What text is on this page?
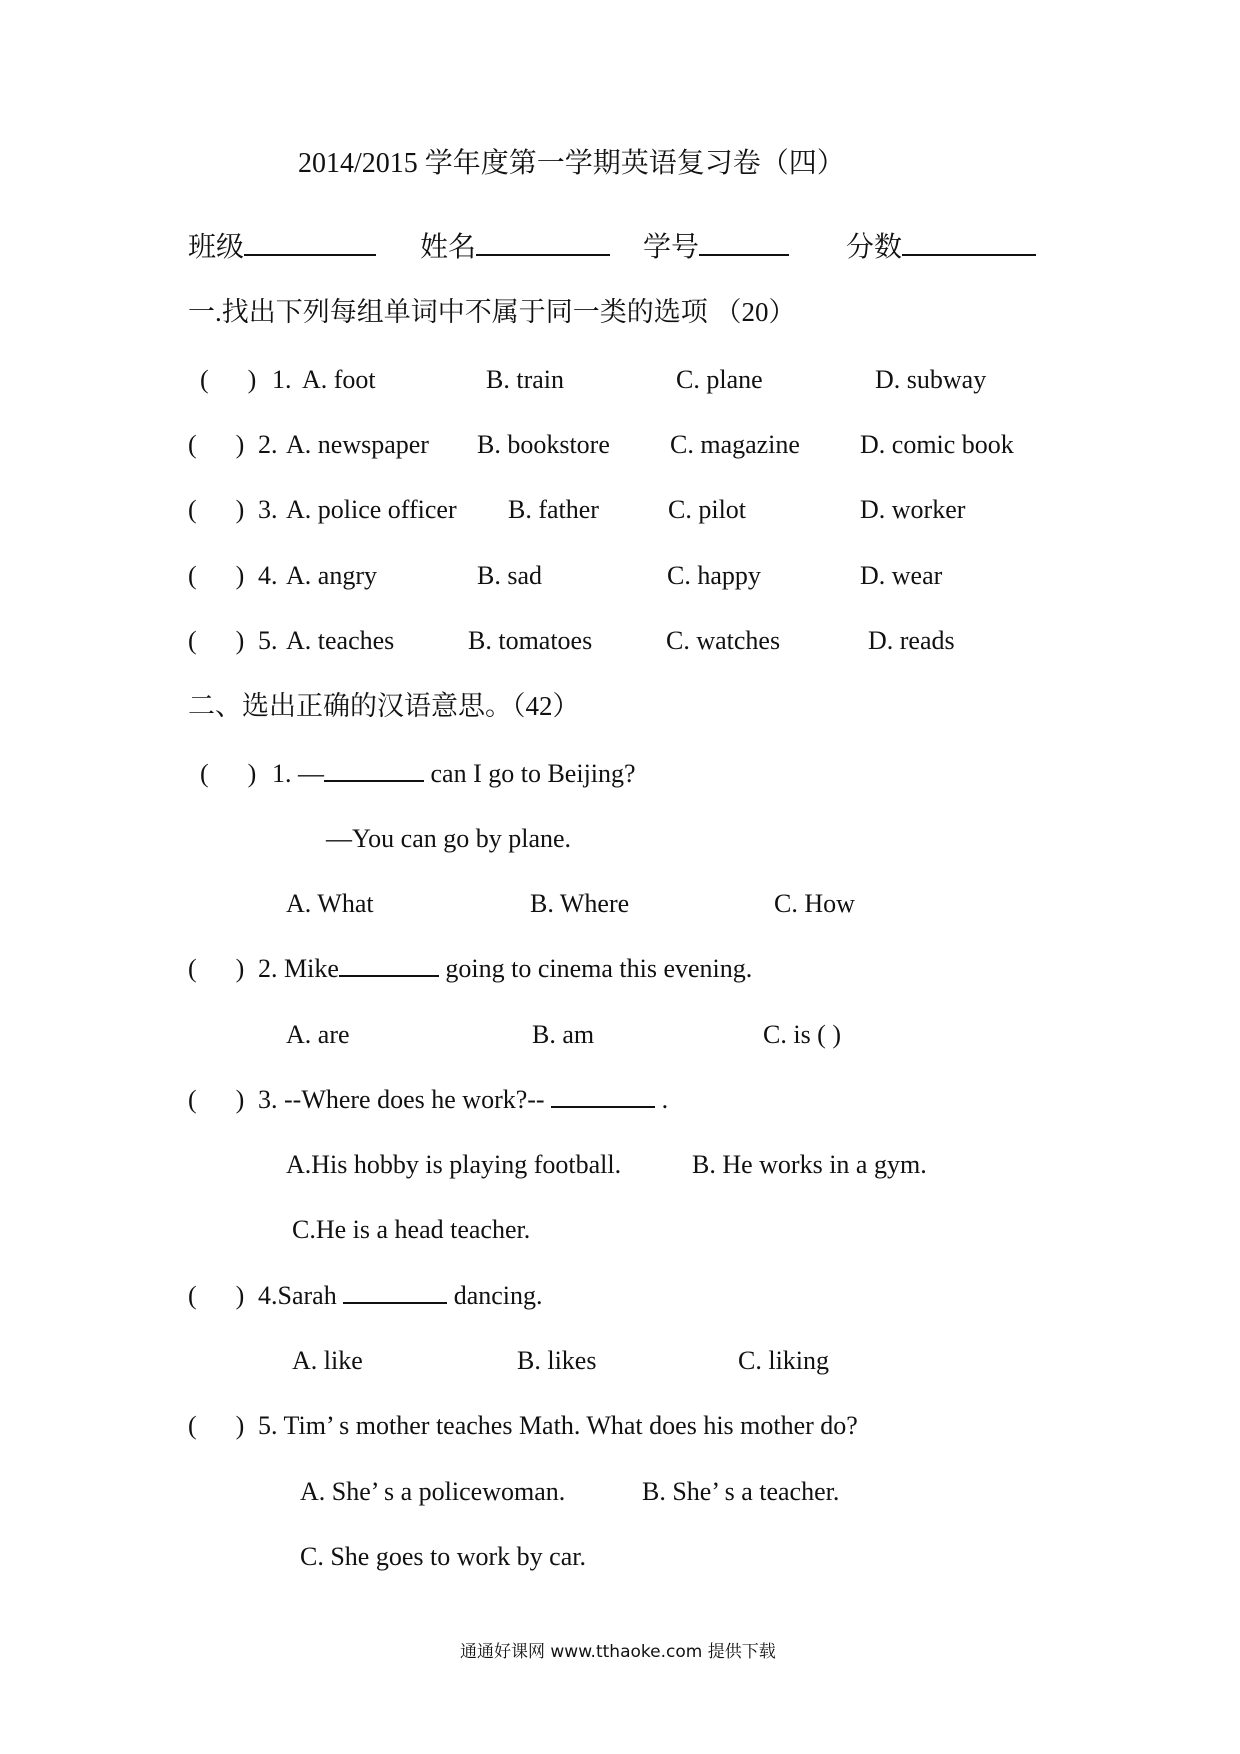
2014/2015 学年度第一学期英语复习卷（四）
班级	姓名	学号	分数
一.找出下列每组单词中不属于同一类的选项 （20）
(      ) 1. A. foot	B. train	C. plane	D. subway
(      ) 2. A. newspaper B. bookstore C. magazine D. comic book
(      ) 3. A. police officer B. father	C. pilot	D. worker
(      ) 4. A. angry	B. sad	C. happy	D. wear
(      ) 5. A. teaches	B. tomatoes	C. watches	D. reads
二、选出正确的汉语意思。（42）
(      ) 1. —	can I go to Beijing?
—You can go by plane.
A. What	B. Where	C. How
(      ) 2. Mike	going to cinema this evening.
A. are	B. am	C. is ( )
(      ) 3. --Where does he work?--	.
A.His hobby is playing football.	B. He works in a gym.
C.He is a head teacher.
(      ) 4.Sarah	dancing.
A. like	B. likes	C. liking
(      ) 5. Tim’ s mother teaches Math. What does his mother do?
A. She’ s a policewoman.	B. She’ s a teacher.
C. She goes to work by car.
通通好课网 www.tthaoke.com 提供下载
